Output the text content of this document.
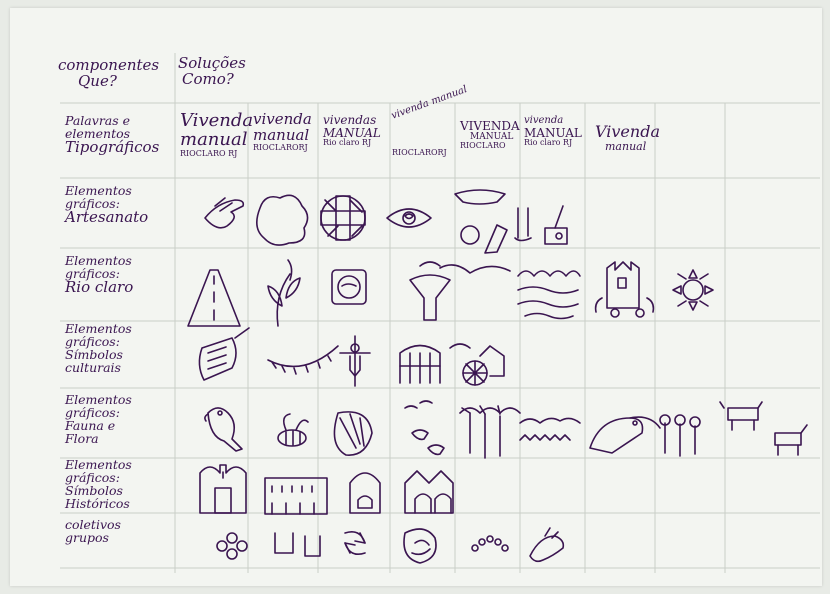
componentes
Que?
Soluções
Como?
Palavras e
elementos
Tipográficos
Elementos
gráficos:
Artesanato
Elementos
gráficos:
Rio claro
Elementos
gráficos:
Símbolos
culturais
Elementos
gráficos:
Fauna e
Flora
Elementos
gráficos:
Símbolos
Históricos
coletivos
grupos
Vivenda
manual
RIOCLARO RJ
vivenda
manual
RIOCLARORJ
vivendas
MANUAL
Rio claro RJ
vivenda manual
RIOCLARORJ
VIVENDA
MANUAL
RIOCLARO
vivenda
MANUAL
Rio claro RJ
Vivenda
manual
